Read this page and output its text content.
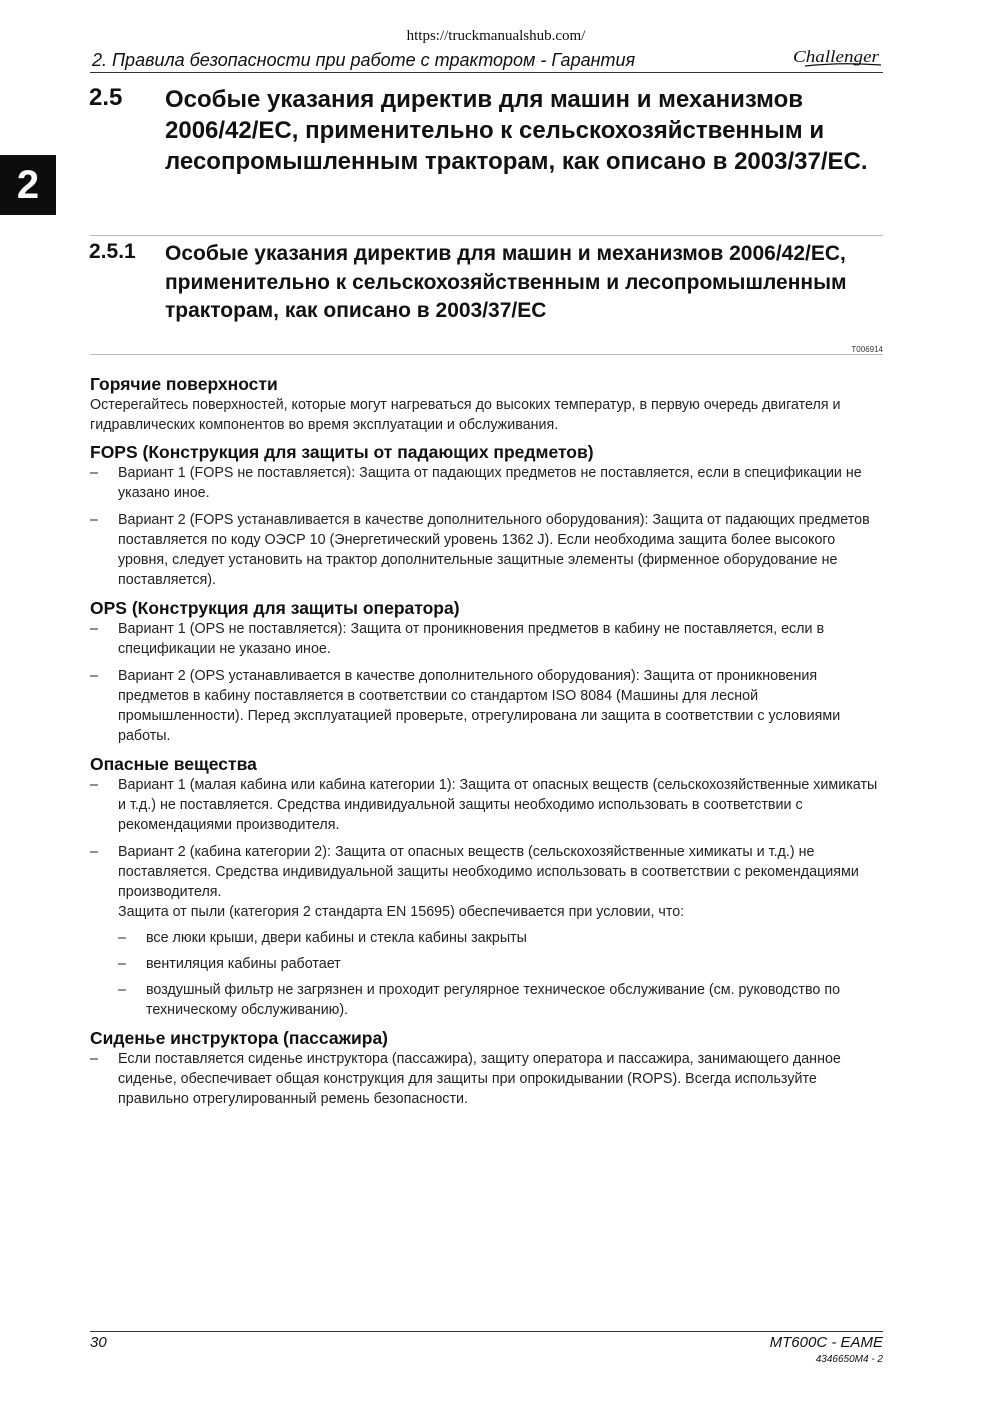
https://truckmanualshub.com/
2. Правила безопасности при работе с трактором - Гарантия	Challenger
2
2.5 Особые указания директив для машин и механизмов 2006/42/ЕС, применительно к сельскохозяйственным и лесопромышленным тракторам, как описано в 2003/37/ЕС.
2.5.1 Особые указания директив для машин и механизмов 2006/42/ЕС, применительно к сельскохозяйственным и лесопромышленным тракторам, как описано в 2003/37/ЕС
T006914
Горячие поверхности

Остерегайтесь поверхностей, которые могут нагреваться до высоких температур, в первую очередь двигателя и гидравлических компонентов во время эксплуатации и обслуживания.

FOPS (Конструкция для защиты от падающих предметов)
– Вариант 1 (FOPS не поставляется): Защита от падающих предметов не поставляется, если в спецификации не указано иное.
– Вариант 2 (FOPS устанавливается в качестве дополнительного оборудования): Защита от падающих предметов поставляется по коду ОЭСР 10 (Энергетический уровень 1362 J). Если необходима защита более высокого уровня, следует установить на трактор дополнительные защитные элементы (фирменное оборудование не поставляется).
OPS (Конструкция для защиты оператора)
– Вариант 1 (OPS не поставляется): Защита от проникновения предметов в кабину не поставляется, если в спецификации не указано иное.
– Вариант 2 (OPS устанавливается в качестве дополнительного оборудования): Защита от проникновения предметов в кабину поставляется в соответствии со стандартом ISO 8084 (Машины для лесной промышленности). Перед эксплуатацией проверьте, отрегулирована ли защита в соответствии с условиями работы.
Опасные вещества
– Вариант 1 (малая кабина или кабина категории 1): Защита от опасных веществ (сельскохозяйственные химикаты и т.д.) не поставляется. Средства индивидуальной защиты необходимо использовать в соответствии с рекомендациями производителя.
– Вариант 2 (кабина категории 2): Защита от опасных веществ (сельскохозяйственные химикаты и т.д.) не поставляется. Средства индивидуальной защиты необходимо использовать в соответствии с рекомендациями производителя.
Защита от пыли (категория 2 стандарта EN 15695) обеспечивается при условии, что:
– все люки крыши, двери кабины и стекла кабины закрыты
– вентиляция кабины работает
– воздушный фильтр не загрязнен и проходит регулярное техническое обслуживание (см. руководство по техническому обслуживанию).
Сиденье инструктора (пассажира)
– Если поставляется сиденье инструктора (пассажира), защиту оператора и пассажира, занимающего данное сиденье, обеспечивает общая конструкция для защиты при опрокидывании (ROPS). Всегда используйте правильно отрегулированный ремень безопасности.
30	MT600C - EAME
4346650M4 - 2
